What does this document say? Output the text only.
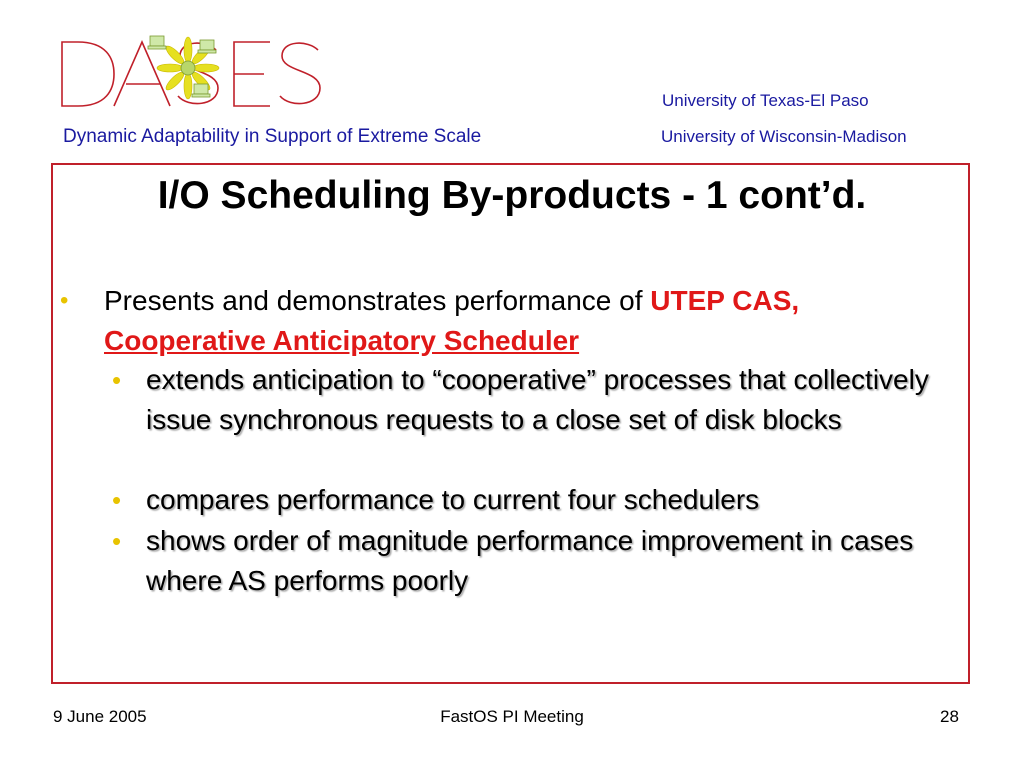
DASES
Dynamic Adaptability in Support of Extreme Scale
University of Texas-El Paso
University of Wisconsin-Madison
I/O Scheduling By-products - 1 cont’d.
• Presents and demonstrates performance of UTEP CAS,
Cooperative Anticipatory Scheduler
• extends anticipation to “cooperative” processes that collectively issue synchronous requests to a close set of disk blocks
• compares performance to current four schedulers
• shows order of magnitude performance improvement in cases where AS performs poorly
9 June 2005	FastOS PI Meeting	28
